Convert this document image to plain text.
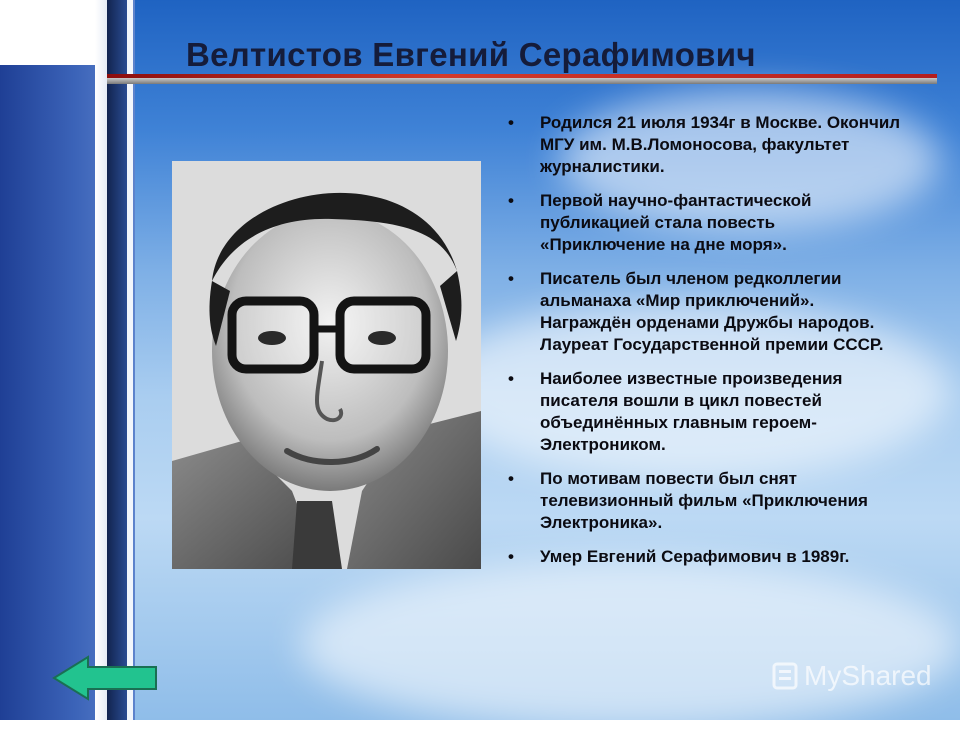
Велтистов Евгений Серафимович
• Родился 21 июля 1934г в Москве. Окончил МГУ им. М.В.Ломоносова, факультет журналистики.
• Первой научно-фантастической публикацией стала повесть «Приключение на дне моря».
• Писатель был членом редколлегии альманаха «Мир приключений». Награждён орденами Дружбы народов. Лауреат Государственной премии СССР.
• Наиболее известные произведения писателя вошли в цикл повестей объединённых главным героем- Электроником.
• По мотивам повести был снят телевизионный фильм «Приключения Электроника».
• Умер Евгений Серафимович в 1989г.
MyShared
